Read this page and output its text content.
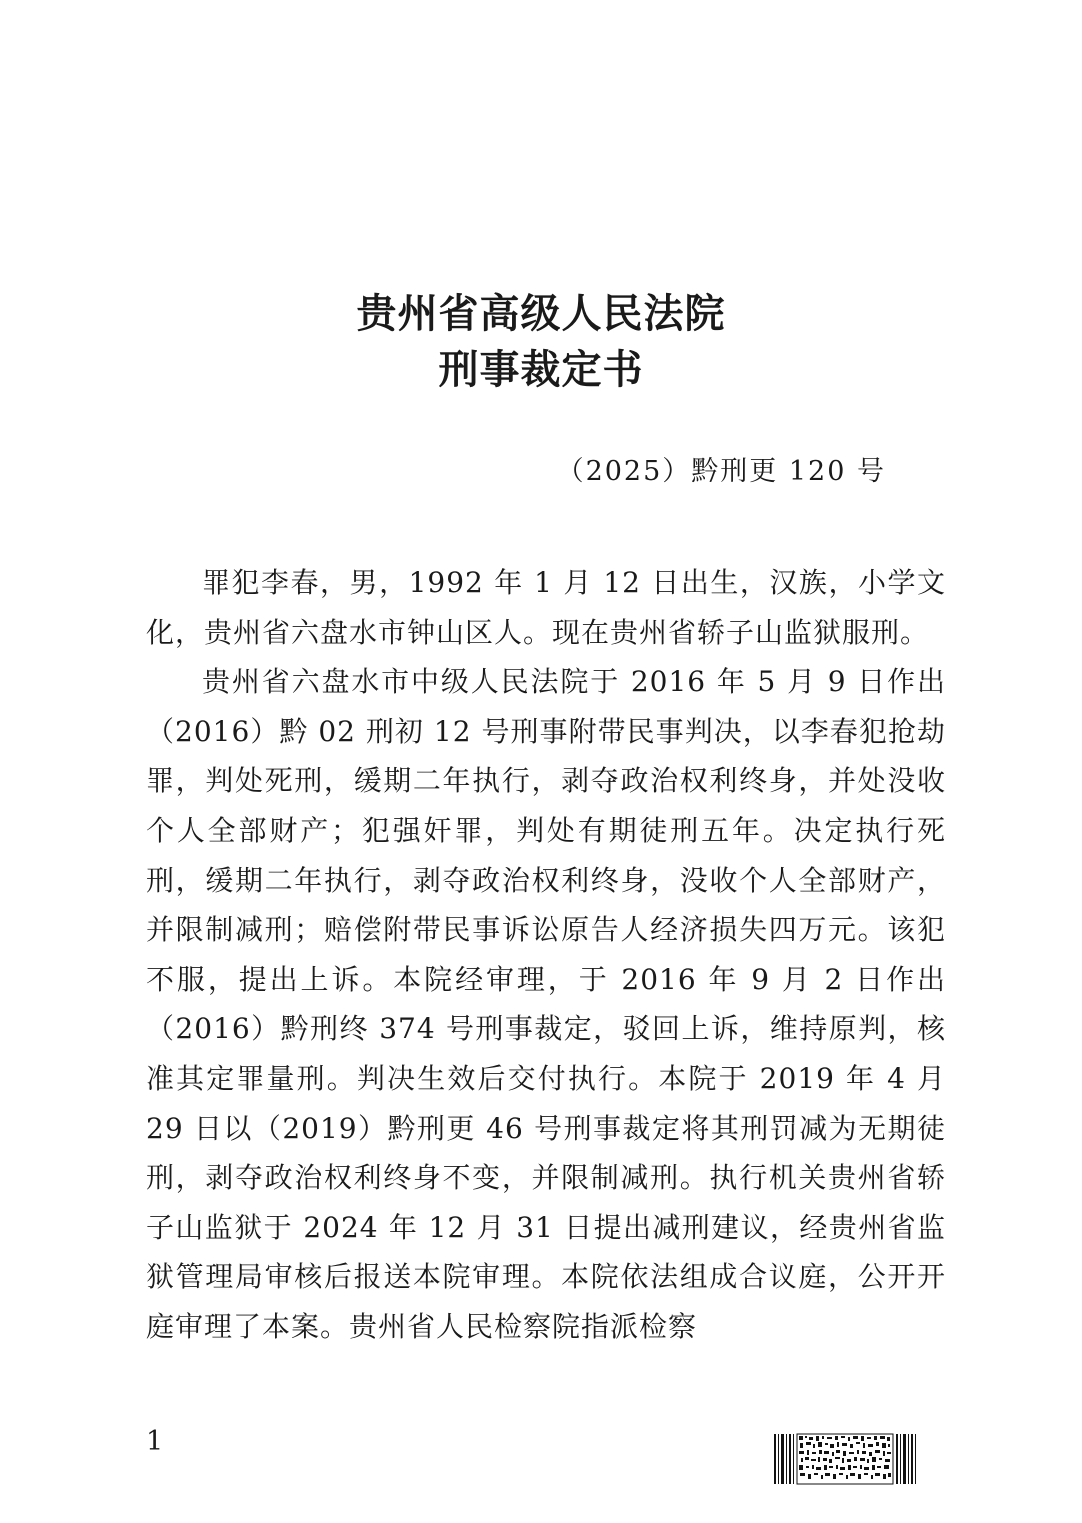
贵州省高级人民法院
刑事裁定书
（2025）黔刑更 120 号

罪犯李春，男，1992 年 1 月 12 日出生，汉族，小学文化，贵州省六盘水市钟山区人。现在贵州省轿子山监狱服刑。

贵州省六盘水市中级人民法院于 2016 年 5 月 9 日作出（2016）黔 02 刑初 12 号刑事附带民事判决，以李春犯抢劫罪，判处死刑，缓期二年执行，剥夺政治权利终身，并处没收个人全部财产；犯强奸罪，判处有期徒刑五年。决定执行死刑，缓期二年执行，剥夺政治权利终身，没收个人全部财产，并限制减刑；赔偿附带民事诉讼原告人经济损失四万元。该犯不服，提出上诉。本院经审理，于 2016 年 9 月 2 日作出（2016）黔刑终 374 号刑事裁定，驳回上诉，维持原判，核准其定罪量刑。判决生效后交付执行。本院于 2019 年 4 月 29 日以（2019）黔刑更 46 号刑事裁定将其刑罚减为无期徒刑，剥夺政治权利终身不变，并限制减刑。执行机关贵州省轿子山监狱于 2024 年 12 月 31 日提出减刑建议，经贵州省监狱管理局审核后报送本院审理。本院依法组成合议庭，公开开庭审理了本案。贵州省人民检察院指派检察

1
